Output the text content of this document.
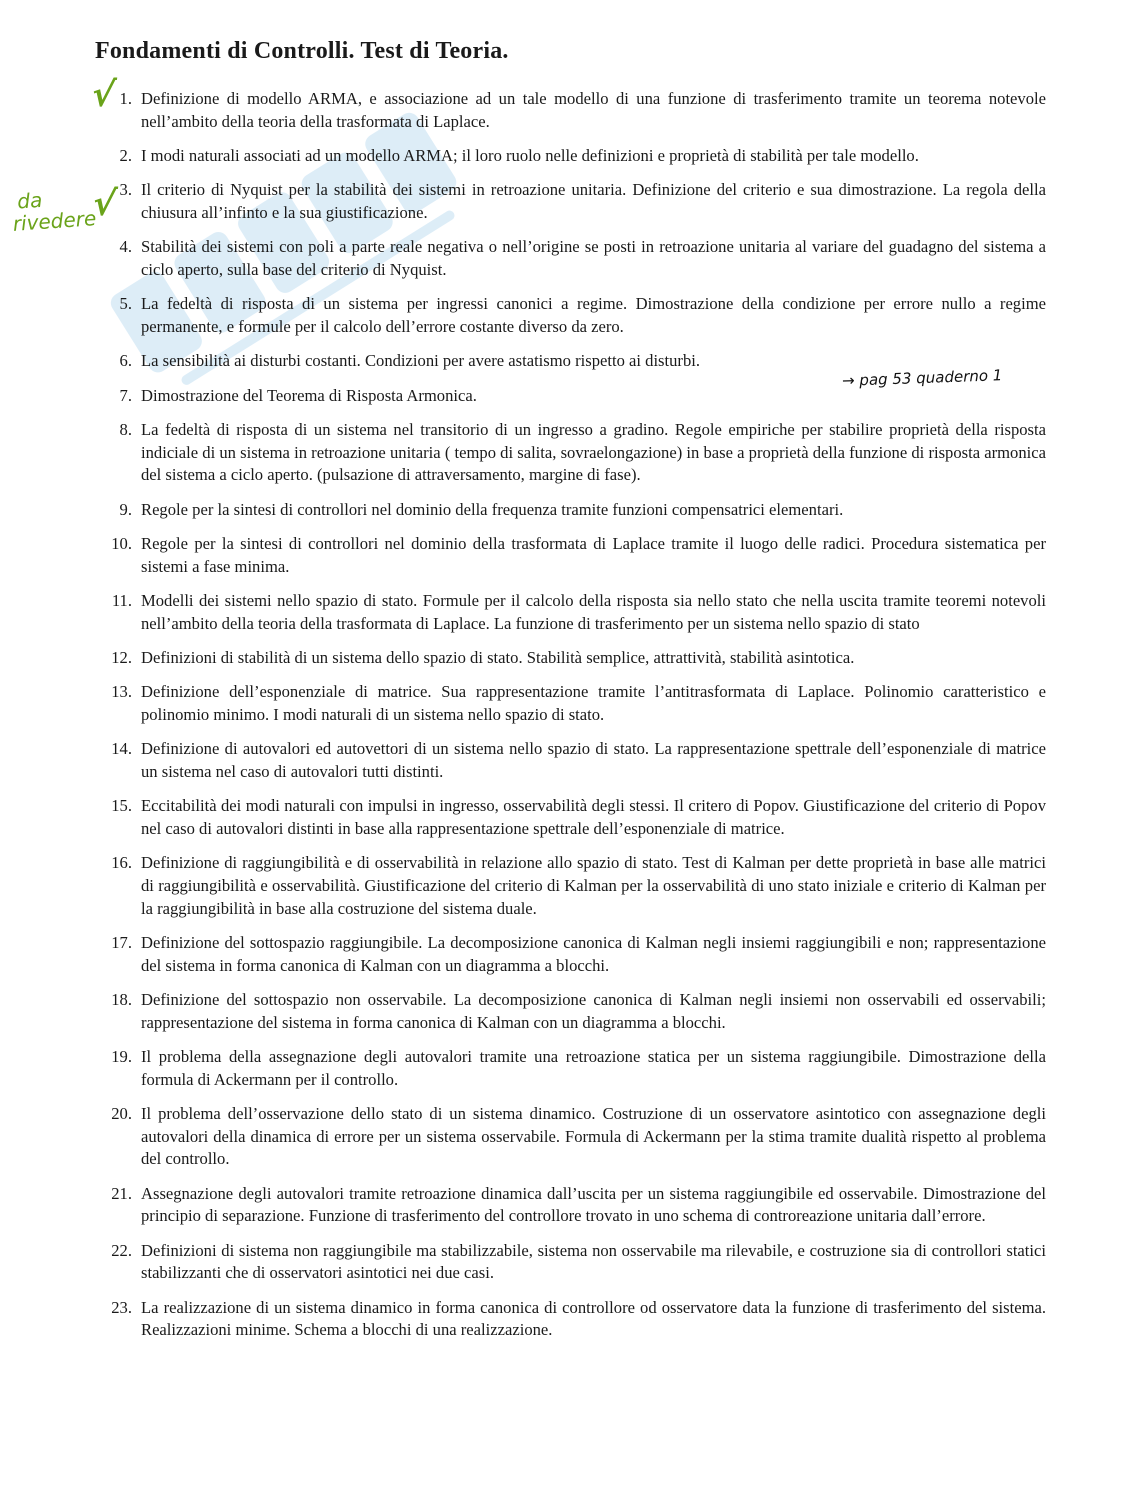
Fondamenti di Controlli. Test di Teoria.
1. Definizione di modello ARMA, e associazione ad un tale modello di una funzione di trasferimento tramite un teorema notevole nell’ambito della teoria della trasformata di Laplace.
2. I modi naturali associati ad un modello ARMA; il loro ruolo nelle definizioni e proprietà di stabilità per tale modello.
3. Il criterio di Nyquist per la stabilità dei sistemi in retroazione unitaria. Definizione del criterio e sua dimostrazione. La regola della chiusura all’infinto e la sua giustificazione.
4. Stabilità dei sistemi con poli a parte reale negativa o nell’origine se posti in retroazione unitaria al variare del guadagno del sistema a ciclo aperto, sulla base del criterio di Nyquist.
5. La fedeltà di risposta di un sistema per ingressi canonici a regime. Dimostrazione della condizione per errore nullo a regime permanente, e formule per il calcolo dell’errore costante diverso da zero.
6. La sensibilità ai disturbi costanti. Condizioni per avere astatismo rispetto ai disturbi.
7. Dimostrazione del Teorema di Risposta Armonica.
8. La fedeltà di risposta di un sistema nel transitorio di un ingresso a gradino. Regole empiriche per stabilire proprietà della risposta indiciale di un sistema in retroazione unitaria ( tempo di salita, sovraelongazione) in base a proprietà della funzione di risposta armonica del sistema a ciclo aperto. (pulsazione di attraversamento, margine di fase).
9. Regole per la sintesi di controllori nel dominio della frequenza tramite funzioni compensatrici elementari.
10. Regole per la sintesi di controllori nel dominio della trasformata di Laplace tramite il luogo delle radici. Procedura sistematica per sistemi a fase minima.
11. Modelli dei sistemi nello spazio di stato. Formule per il calcolo della risposta sia nello stato che nella uscita tramite teoremi notevoli nell’ambito della teoria della trasformata di Laplace. La funzione di trasferimento per un sistema nello spazio di stato
12. Definizioni di stabilità di un sistema dello spazio di stato. Stabilità semplice, attrattività, stabilità asintotica.
13. Definizione dell’esponenziale di matrice. Sua rappresentazione tramite l’antitrasformata di Laplace. Polinomio caratteristico e polinomio minimo. I modi naturali di un sistema nello spazio di stato.
14. Definizione di autovalori ed autovettori di un sistema nello spazio di stato. La rappresentazione spettrale dell’esponenziale di matrice un sistema nel caso di autovalori tutti distinti.
15. Eccitabilità dei modi naturali con impulsi in ingresso, osservabilità degli stessi. Il critero di Popov. Giustificazione del criterio di Popov nel caso di autovalori distinti in base alla rappresentazione spettrale dell’esponenziale di matrice.
16. Definizione di raggiungibilità e di osservabilità in relazione allo spazio di stato. Test di Kalman per dette proprietà in base alle matrici di raggiungibilità e osservabilità. Giustificazione del criterio di Kalman per la osservabilità di uno stato iniziale e criterio di Kalman per la raggiungibilità in base alla costruzione del sistema duale.
17. Definizione del sottospazio raggiungibile. La decomposizione canonica di Kalman negli insiemi raggiungibili e non; rappresentazione del sistema in forma canonica di Kalman con un diagramma a blocchi.
18. Definizione del sottospazio non osservabile. La decomposizione canonica di Kalman negli insiemi non osservabili ed osservabili; rappresentazione del sistema in forma canonica di Kalman con un diagramma a blocchi.
19. Il problema della assegnazione degli autovalori tramite una retroazione statica per un sistema raggiungibile. Dimostrazione della formula di Ackermann per il controllo.
20. Il problema dell’osservazione dello stato di un sistema dinamico. Costruzione di un osservatore asintotico con assegnazione degli autovalori della dinamica di errore per un sistema osservabile. Formula di Ackermann per la stima tramite dualità rispetto al problema del controllo.
21. Assegnazione degli autovalori tramite retroazione dinamica dall’uscita per un sistema raggiungibile ed osservabile. Dimostrazione del principio di separazione. Funzione di trasferimento del controllore trovato in uno schema di controreazione unitaria dall’errore.
22. Definizioni di sistema non raggiungibile ma stabilizzabile, sistema non osservabile ma rilevabile, e costruzione sia di controllori statici stabilizzanti che di osservatori asintotici nei due casi.
23. La realizzazione di un sistema dinamico in forma canonica di controllore od osservatore data la funzione di trasferimento del sistema. Realizzazioni minime. Schema a blocchi di una realizzazione.
√
√
da
rivedere
→ pag 53 quaderno 1
